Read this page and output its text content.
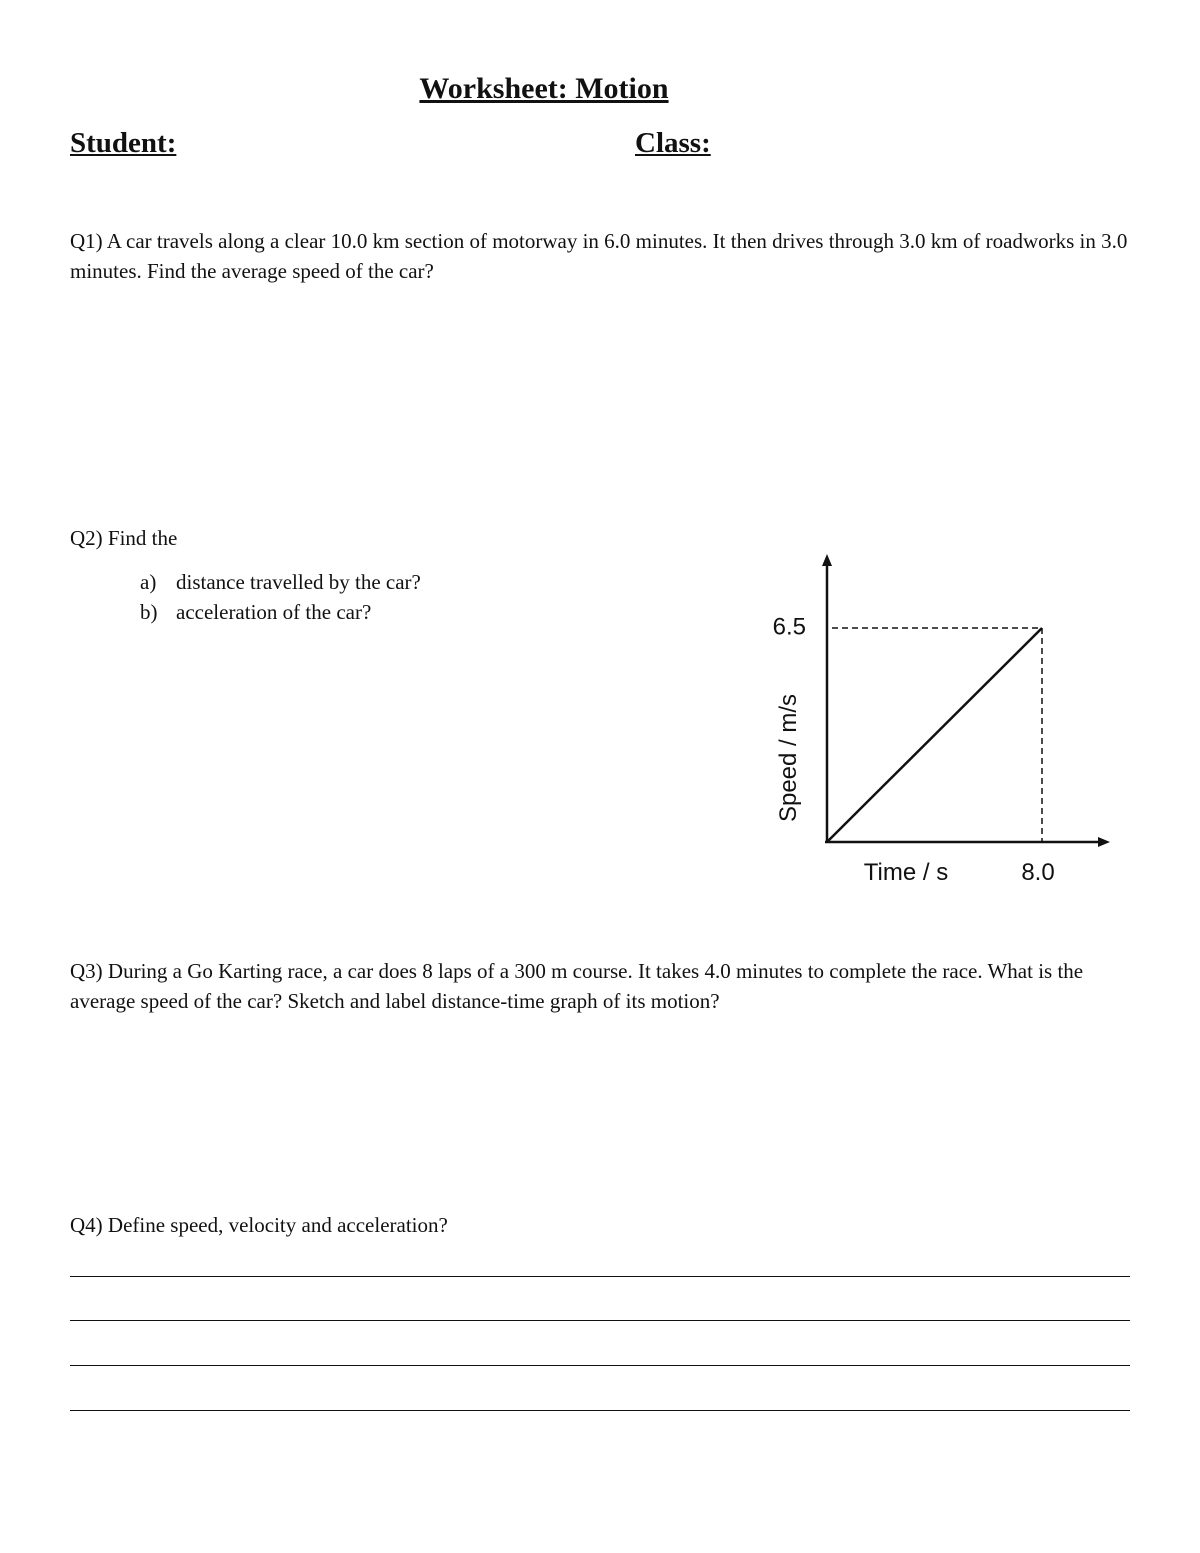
Worksheet: Motion
Student:	Class:
Q1) A car travels along a clear 10.0 km section of motorway in 6.0 minutes. It then drives through 3.0 km of roadworks in 3.0 minutes. Find the average speed of the car?
Q2) Find the
a) distance travelled by the car?
b) acceleration of the car?
6.5
8.0
Time / s
Speed / m/s
Q3) During a Go Karting race, a car does 8 laps of a 300 m course. It takes 4.0 minutes to complete the race. What is the average speed of the car? Sketch and label distance-time graph of its motion?
Q4) Define speed, velocity and acceleration?
